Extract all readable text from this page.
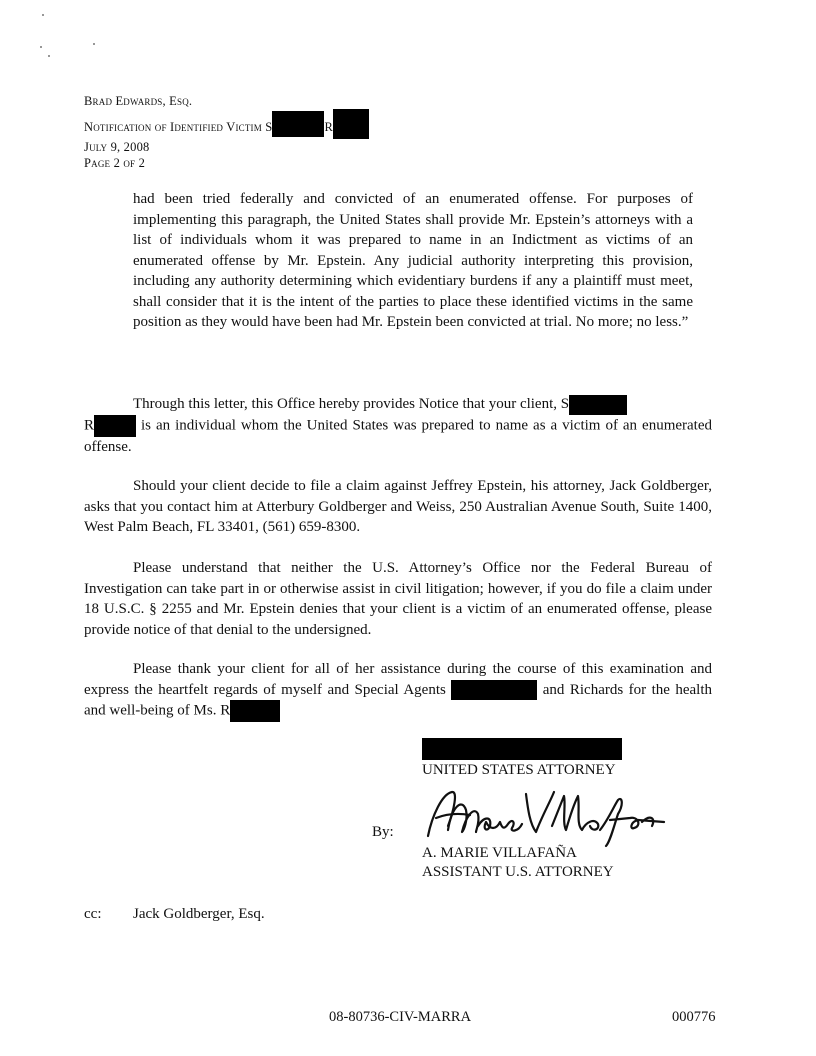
Brad Edwards, Esq.
Notification of Identified Victim S	R
July 9, 2008
Page 2 of 2
had been tried federally and convicted of an enumerated offense. For purposes of implementing this paragraph, the United States shall provide Mr. Epstein’s attorneys with a list of individuals whom it was prepared to name in an Indictment as victims of an enumerated offense by Mr. Epstein. Any judicial authority interpreting this provision, including any authority determining which evidentiary burdens if any a plaintiff must meet, shall consider that it is the intent of the parties to place these identified victims in the same position as they would have been had Mr. Epstein been convicted at trial. No more; no less.”
Through this letter, this Office hereby provides Notice that your client, S
R	is an individual whom the United States was prepared to name as a victim of an enumerated offense.
Should your client decide to file a claim against Jeffrey Epstein, his attorney, Jack Goldberger, asks that you contact him at Atterbury Goldberger and Weiss, 250 Australian Avenue South, Suite 1400, West Palm Beach, FL 33401, (561) 659-8300.
Please understand that neither the U.S. Attorney’s Office nor the Federal Bureau of Investigation can take part in or otherwise assist in civil litigation; however, if you do file a claim under 18 U.S.C. § 2255 and Mr. Epstein denies that your client is a victim of an enumerated offense, please provide notice of that denial to the undersigned.
Please thank your client for all of her assistance during the course of this examination and express the heartfelt regards of myself and Special Agents	and Richards for the health and well-being of Ms. R
UNITED STATES ATTORNEY
By:
A. MARIE VILLAFAÑA
ASSISTANT U.S. ATTORNEY
cc: Jack Goldberger, Esq.
08-80736-CIV-MARRA	000776
